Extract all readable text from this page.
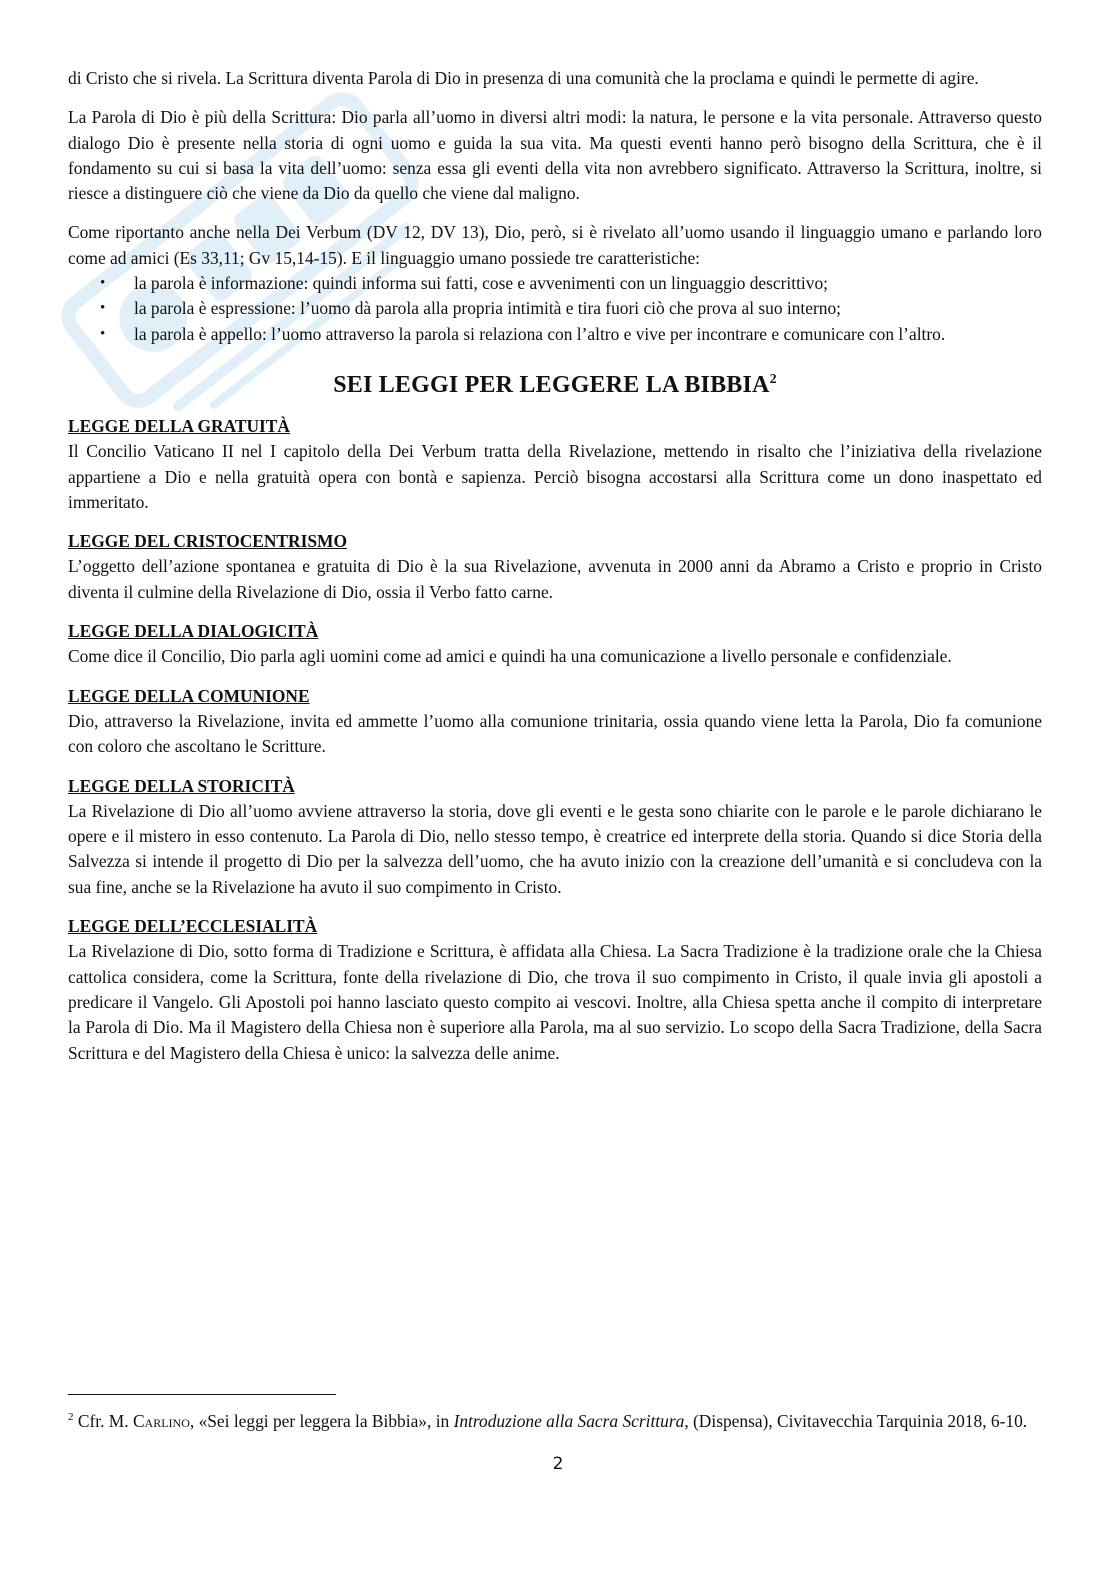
di Cristo che si rivela. La Scrittura diventa Parola di Dio in presenza di una comunità che la proclama e quindi le permette di agire.

La Parola di Dio è più della Scrittura: Dio parla all’uomo in diversi altri modi: la natura, le persone e la vita personale. Attraverso questo dialogo Dio è presente nella storia di ogni uomo e guida la sua vita. Ma questi eventi hanno però bisogno della Scrittura, che è il fondamento su cui si basa la vita dell’uomo: senza essa gli eventi della vita non avrebbero significato. Attraverso la Scrittura, inoltre, si riesce a distinguere ciò che viene da Dio da quello che viene dal maligno.

Come riportanto anche nella Dei Verbum (DV 12, DV 13), Dio, però, si è rivelato all’uomo usando il linguaggio umano e parlando loro come ad amici (Es 33,11; Gv 15,14-15). E il linguaggio umano possiede tre caratteristiche:

• la parola è informazione: quindi informa sui fatti, cose e avvenimenti con un linguaggio descrittivo;
• la parola è espressione: l’uomo dà parola alla propria intimità e tira fuori ciò che prova al suo interno;
• la parola è appello: l’uomo attraverso la parola si relaziona con l’altro e vive per incontrare e comunicare con l’altro.
SEI LEGGI PER LEGGERE LA BIBBIA$^2$
LEGGE DELLA GRATUITÀ

Il Concilio Vaticano II nel I capitolo della Dei Verbum tratta della Rivelazione, mettendo in risalto che l’iniziativa della rivelazione appartiene a Dio e nella gratuità opera con bontà e sapienza. Perciò bisogna accostarsi alla Scrittura come un dono inaspettato ed immeritato.

LEGGE DEL CRISTOCENTRISMO

L’oggetto dell’azione spontanea e gratuita di Dio è la sua Rivelazione, avvenuta in 2000 anni da Abramo a Cristo e proprio in Cristo diventa il culmine della Rivelazione di Dio, ossia il Verbo fatto carne.

LEGGE DELLA DIALOGICITÀ

Come dice il Concilio, Dio parla agli uomini come ad amici e quindi ha una comunicazione a livello personale e confidenziale.

LEGGE DELLA COMUNIONE

Dio, attraverso la Rivelazione, invita ed ammette l’uomo alla comunione trinitaria, ossia quando viene letta la Parola, Dio fa comunione con coloro che ascoltano le Scritture.

LEGGE DELLA STORICITÀ

La Rivelazione di Dio all’uomo avviene attraverso la storia, dove gli eventi e le gesta sono chiarite con le parole e le parole dichiarano le opere e il mistero in esso contenuto. La Parola di Dio, nello stesso tempo, è creatrice ed interprete della storia. Quando si dice Storia della Salvezza si intende il progetto di Dio per la salvezza dell’uomo, che ha avuto inizio con la creazione dell’umanità e si concludeva con la sua fine, anche se la Rivelazione ha avuto il suo compimento in Cristo.

LEGGE DELL’ECCLESIALITÀ

La Rivelazione di Dio, sotto forma di Tradizione e Scrittura, è affidata alla Chiesa. La Sacra Tradizione è la tradizione orale che la Chiesa cattolica considera, come la Scrittura, fonte della rivelazione di Dio, che trova il suo compimento in Cristo, il quale invia gli apostoli a predicare il Vangelo. Gli Apostoli poi hanno lasciato questo compito ai vescovi. Inoltre, alla Chiesa spetta anche il compito di interpretare la Parola di Dio. Ma il Magistero della Chiesa non è superiore alla Parola, ma al suo servizio. Lo scopo della Sacra Tradizione, della Sacra Scrittura e del Magistero della Chiesa è unico: la salvezza delle anime.

$^2$ Cfr. M. Carlino, «Sei leggi per leggera la Bibbia», in Introduzione alla Sacra Scrittura, (Dispensa), Civitavecchia Tarquinia 2018, 6-10.
2
